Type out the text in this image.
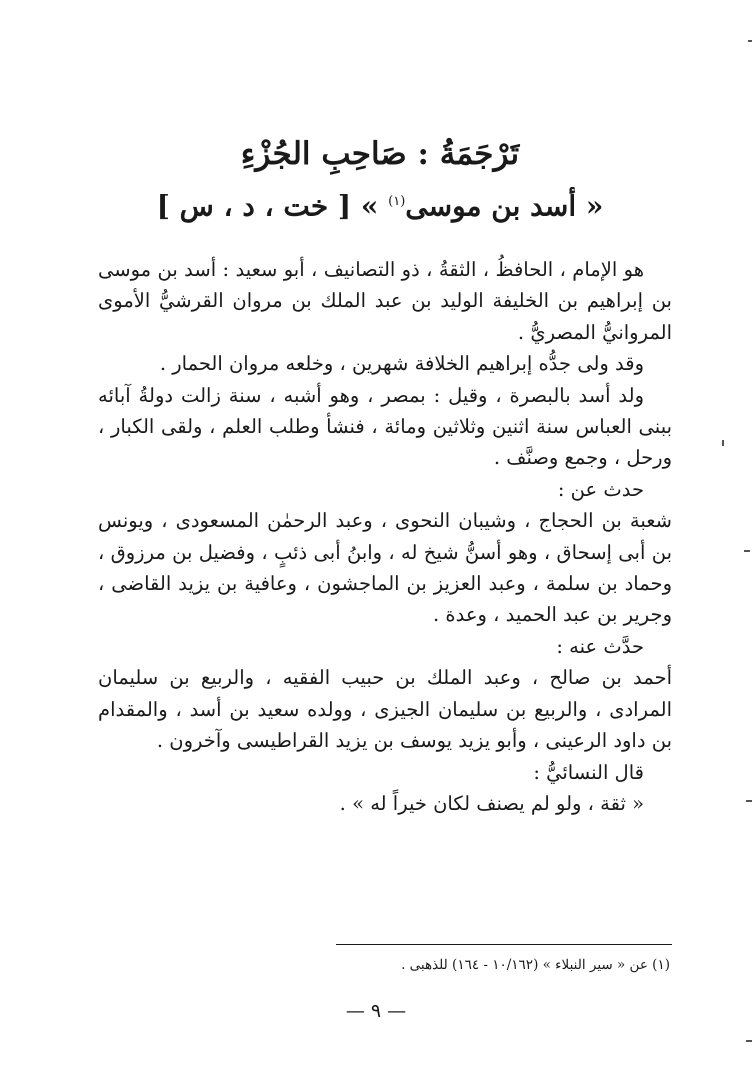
تَرْجَمَةُ : صَاحِبِ الجُزْءِ
« أسد بن موسى$^{(١)}$ » [ خت ، د ، س ]

هو الإمام ، الحافظُ ، الثقةُ ، ذو التصانيف ، أبو سعيد : أسد بن موسى بن إبراهيم بن الخليفة الوليد بن عبد الملك بن مروان القرشيُّ الأموى المروانيُّ المصريُّ .

وقد ولى جدُّه إبراهيم الخلافة شهرين ، وخلعه مروان الحمار .

ولد أسد بالبصرة ، وقيل : بمصر ، وهو أشبه ، سنة زالت دولةُ آبائه ببنى العباس سنة اثنين وثلاثين ومائة ، فنشأ وطلب العلم ، ولقى الكبار ، ورحل ، وجمع وصنَّف .

حدث عن :

شعبة بن الحجاج ، وشيبان النحوى ، وعبد الرحمٰن المسعودى ، ويونس بن أبى إسحاق ، وهو أسنُّ شيخ له ، وابنُ أبى ذئبٍ ، وفضيل بن مرزوق ، وحماد بن سلمة ، وعبد العزيز بن الماجشون ، وعافية بن يزيد القاضى ، وجرير بن عبد الحميد ، وعدة .

حدَّث عنه :

أحمد بن صالح ، وعبد الملك بن حبيب الفقيه ، والربيع بن سليمان المرادى ، والربيع بن سليمان الجيزى ، وولده سعيد بن أسد ، والمقدام بن داود الرعينى ، وأبو يزيد يوسف بن يزيد القراطيسى وآخرون .

قال النسائيُّ :

« ثقة ، ولو لم يصنف لكان خيراً له » .

(١) عن « سير النبلاء » (١٠/١٦٢ - ١٦٤) للذهبى .
— ٩ —
